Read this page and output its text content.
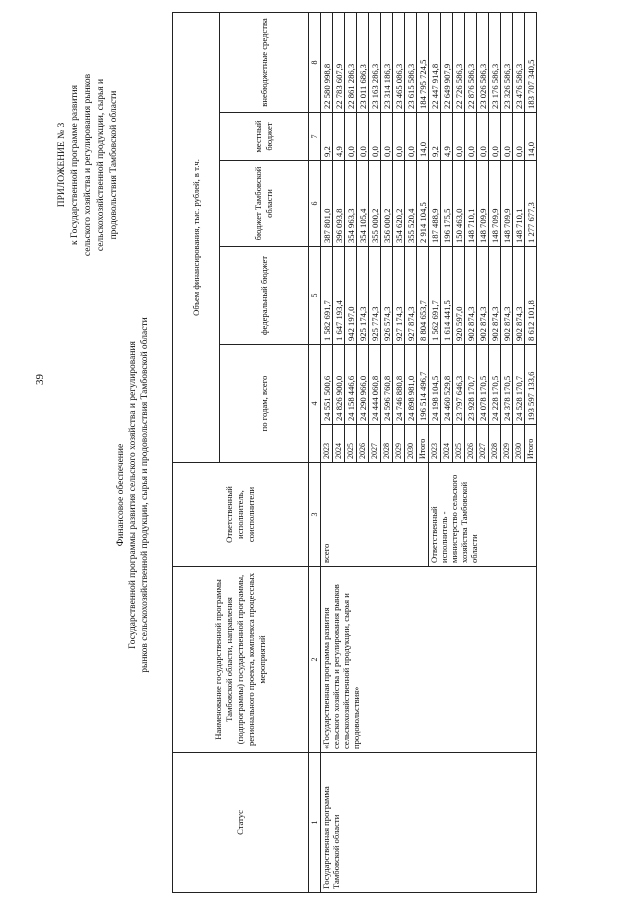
39
ПРИЛОЖЕНИЕ № 3 к Государственной программе развития сельского хозяйства и регулирования рынков сельскохозяйственной продукции, сырья и продовольствия Тамбовской области
Финансовое обеспечение Государственной программы развития сельского хозяйства и регулирования рынков сельскохозяйственной продукции, сырья и продовольствия Тамбовской области
Статус	Наименование государственной программы Тамбовской области, направления (подпрограммы) государственной программы, регионального проекта, комплекса процессных мероприятий	Ответственный исполнитель, соисполнители	Объем финансирования, тыс. рублей, в т.ч.					
			по годам, всего		федеральный бюджет	бюджет Тамбовской области	местный бюджет	внебюджетные средства
1	2	3	4		5	6	7	8
Государственная программа Тамбовской области	«Государственная программа развития сельского хозяйства и регулирования рынков сельскохозяйственной продукции, сырья и продовольствия»	всего	2023	24 551 500,6	1 582 691,7	387 801,0	9,2	22 580 998,8
			2024	24 826 900,0	1 647 193,4	396 093,8	4,9	22 783 607,9
			2025	24 158 446,6	942 197,0	354 963,3	0,0	22 861 286,3
			2026	24 290 966,0	925 174,3	354 105,4	0,0	23 011 686,3
			2027	24 444 060,8	925 774,3	355 000,2	0,0	23 163 286,3
			2028	24 596 760,8	926 574,3	356 000,2	0,0	23 314 186,3
			2029	24 746 880,8	927 174,3	354 620,2	0,0	23 465 086,3
			2030	24 898 981,0	927 874,3	355 520,4	0,0	23 615 586,3
			Итого	196 514 496,7	8 804 653,7	2 914 104,5	14,0	184 795 724,5
		Ответственный исполнитель - министерство сельского хозяйства Тамбовской области	2023	24 198 104,5	1 562 691,7	187 488,9	9,2	22 447 914,8
			2024	24 460 529,8	1 614 441,5	196 175,5	4,9	22 649 907,9
			2025	23 797 646,3	920 597,0	150 463,0	0,0	22 726 586,3
			2026	23 928 170,7	902 874,3	148 710,1	0,0	22 876 586,3
			2027	24 078 170,5	902 874,3	148 709,9	0,0	23 026 586,3
			2028	24 228 170,5	902 874,3	148 709,9	0,0	23 176 586,3
			2029	24 378 170,5	902 874,3	148 709,9	0,0	23 326 586,3
			2030	24 528 170,7	902 874,3	148 710,1	0,0	23 476 586,3
			Итого	193 597 133,6	8 612 101,8	1 277 677,3	14,0	183 707 340,5
